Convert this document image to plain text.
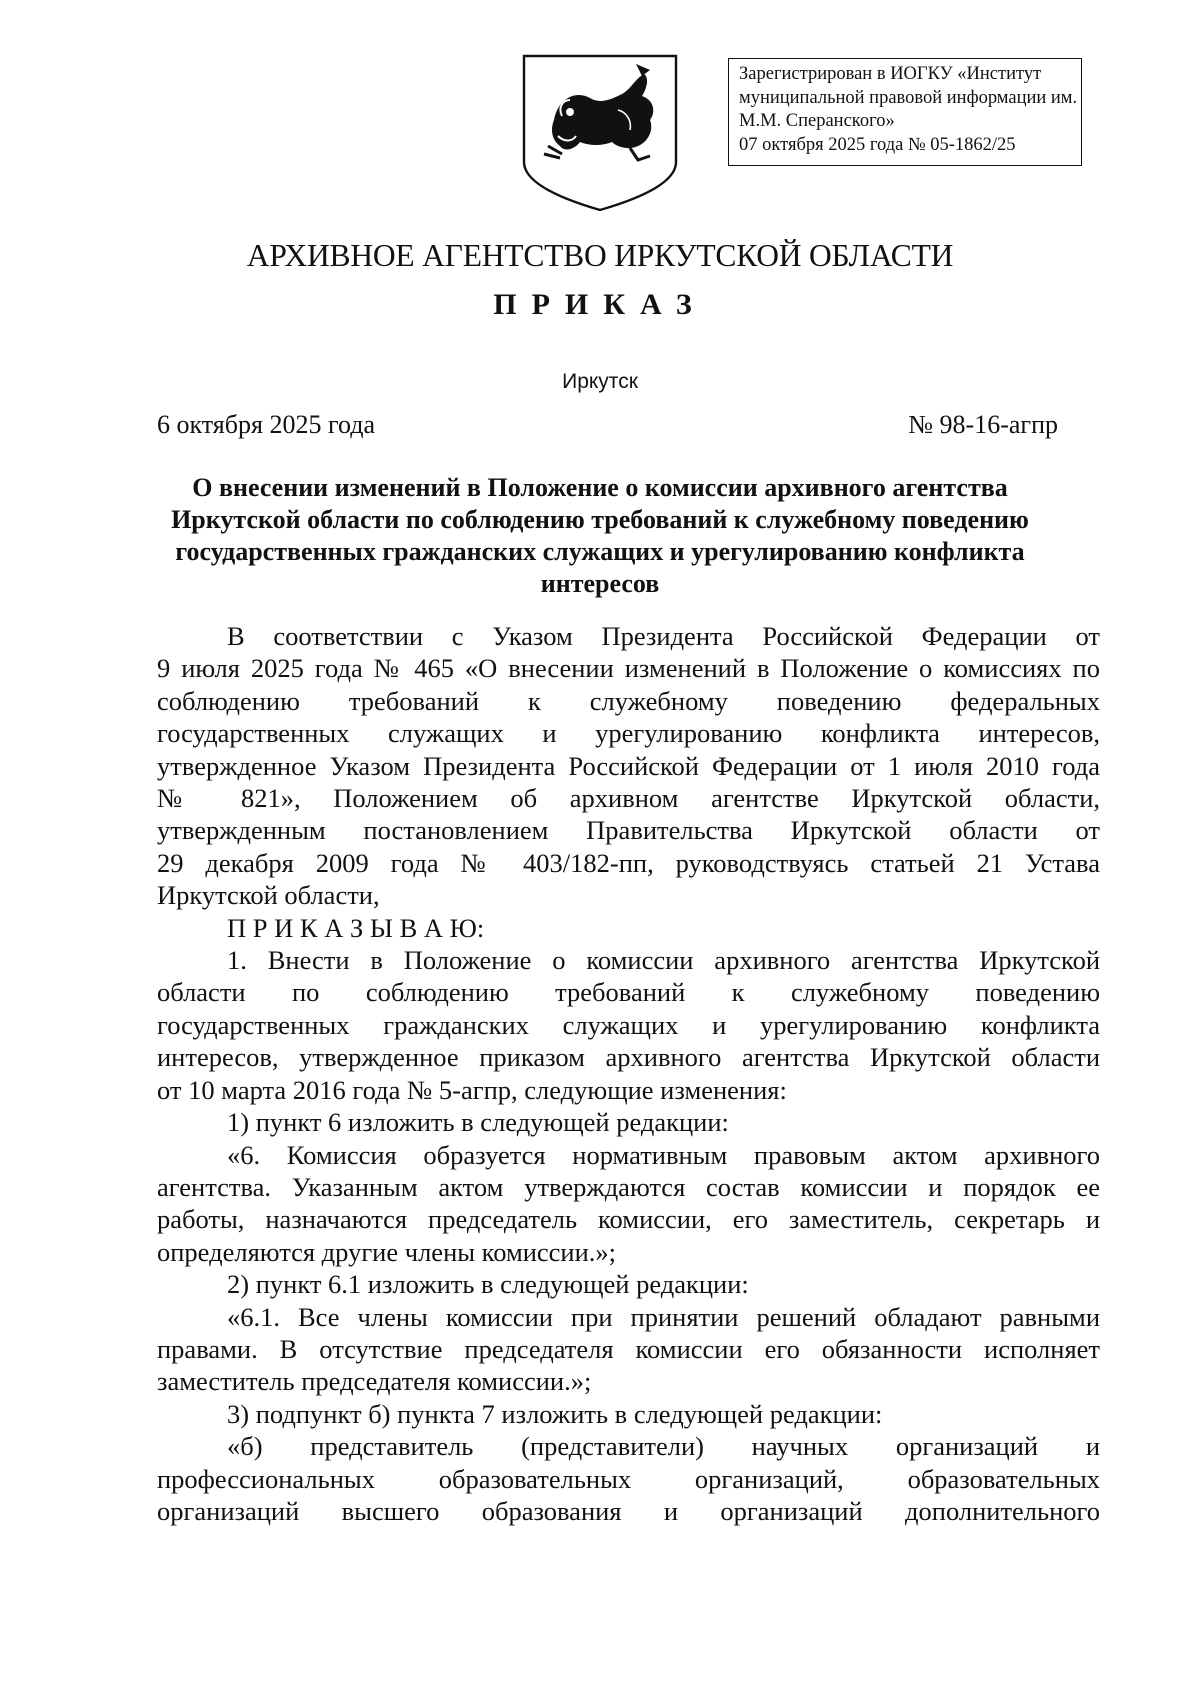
Зарегистрирован в ИОГКУ «Институт
муниципальной правовой информации им.
М.М. Сперанского»
07 октября 2025 года № 05-1862/25
АРХИВНОЕ АГЕНТСТВО ИРКУТСКОЙ ОБЛАСТИ
ПРИКАЗ
Иркутск
6 октября 2025 года	№ 98-16-агпр
О внесении изменений в Положение о комиссии архивного агентства
Иркутской области по соблюдению требований к служебному поведению
государственных гражданских служащих и урегулированию конфликта
интересов
В соответствии с Указом Президента Российской Федерации от
9 июля 2025 года № 465 «О внесении изменений в Положение о комиссиях по
соблюдению требований к служебному поведению федеральных
государственных служащих и урегулированию конфликта интересов,
утвержденное Указом Президента Российской Федерации от 1 июля 2010 года
№ 821», Положением об архивном агентстве Иркутской области,
утвержденным постановлением Правительства Иркутской области от
29 декабря 2009 года № 403/182-пп, руководствуясь статьей 21 Устава
Иркутской области,
П Р И К А З Ы В А Ю:
1. Внести в Положение о комиссии архивного агентства Иркутской
области по соблюдению требований к служебному поведению
государственных гражданских служащих и урегулированию конфликта
интересов, утвержденное приказом архивного агентства Иркутской области
от 10 марта 2016 года № 5-агпр, следующие изменения:
1) пункт 6 изложить в следующей редакции:
«6. Комиссия образуется нормативным правовым актом архивного
агентства. Указанным актом утверждаются состав комиссии и порядок ее
работы, назначаются председатель комиссии, его заместитель, секретарь и
определяются другие члены комиссии.»;
2) пункт 6.1 изложить в следующей редакции:
«6.1. Все члены комиссии при принятии решений обладают равными
правами. В отсутствие председателя комиссии его обязанности исполняет
заместитель председателя комиссии.»;
3) подпункт б) пункта 7 изложить в следующей редакции:
«б) представитель (представители) научных организаций и
профессиональных образовательных организаций, образовательных
организаций высшего образования и организаций дополнительного
